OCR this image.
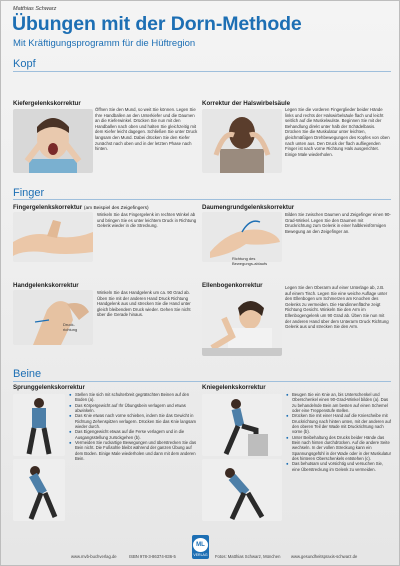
Matthias Schwarz
Übungen mit der Dorn-Methode
Mit Kräftigungsprogramm für die Hüftregion
Kopf
Kiefergelenkskorrektur
Öffnen Sie den Mund, so weit Sie können. Legen Sie Ihre Handballen an den Unterkiefer und die Daumen an die Kieferwinkel. Drücken Sie nun mit den Handballen nach oben und halten Sie gleichzeitig mit dem Kiefer leicht dagegen. Schließen Sie unter Druck langsam den Mund. Dabei drücken Sie den Kiefer zunächst nach oben und in der letzten Phase nach hinten.
Korrektur der Halswirbelsäule
Legen Sie die vorderen Fingerglieder beider Hände links und rechts der Halswirbelsäule flach und leicht seitlich auf die Muskelwulste. Beginnen Sie mit der Behandlung direkt unter halb der Schädelbasis. Drücken Sie die Muskulatur unter leichten, gleichmäßigen Drehbewegungen des Kopfes von oben nach unten aus. Den Druck der flach aufliegenden Finger ist nach vorne Richtung Hals ausgerichtet. Einige Male wiederholen.
Finger
Fingergelenkskorrektur (am Beispiel des Zeigefingers)
Winkeln Sie das Fingergelenk im rechten Winkel ab und bringen Sie es unter leichtem Druck in Richtung Gelenk wieder in die Streckung.
Daumengrundgelenkskorrektur
Richtung des Bewegungs-ablaufs
Bilden Sie zwischen Daumen und Zeigefinger einen 90-Grad-Winkel. Legen Sie den Daumen mit Druckrichtung zum Gelenk in einer halbkreisförmigen Bewegung an den Zeigefinger an.
Handgelenkskorrektur
Druck-richtung
Winkeln Sie das Handgelenk um ca. 90 Grad ab. Üben Sie mit der anderen Hand Druck Richtung Handgelenk aus und strecken Sie die Hand unter gleich bleibendem Druck wieder. Gehen Sie nicht über die Gerade hinaus.
Ellenbogenkorrektur	Legen Sie den Oberarm auf einer Unterlage ab, z.B. auf einem Tisch. Legen Sie eine weiche Auflage unter den Ellenbogen um Schmerzen am Knochen des Gelenks zu vermeiden. Die Handinnenfläche zeigt Richtung Gesicht. Winkeln Sie den Arm im Ellenbogengelenk um 90 Grad ab. Üben Sie nun mit der anderen Hand über dem Unterarm Druck Richtung Gelenk aus und strecken Sie den Arm.
Beine
Sprunggelenkskorrektur
● Stellen Sie sich mit schulterbreit gegrätschten Beinen auf den Boden (a).
● Das Körpergewicht auf Ihr Übungsbein verlagern und etwas abwinkeln.
● Das Knie etwas nach vorne schieben, indem Sie das Gewicht in Richtung Zehenspitzen verlagern. Drücken Sie das Knie langsam wieder durch.
● Das Eigengewicht etwas auf die Ferse verlagern und in die Ausgangsstellung zurückgehen (b).
● Vermeiden Sie ruckartige Bewegungen und überstrecken Sie das Bein nicht. Die Fußsohle bleibt während der ganzen Übung auf dem Boden. Einige Male wiederholen und dann mit dem anderen Bein.
Kniegelenkskorrektur
● Beugen Sie ein Knie an, bis Unterschenkel und Oberschenkel einen 90-Grad-Winkel bilden (a). Das zu behandelnde Bein am besten auf einen Schemel oder eine Treppenstufe stellen.
● Drücken Sie mit einer Hand auf die Kniescheibe mit Druckrichtung nach hinten unten, mit der anderen auf den oberen Teil der Wade mit Druckrichtung nach vorne (b).
● Unter Beibehaltung des Drucks beider Hände das Bein nach hinten durchdrücken. Auf die andere Seite wechseln. In der vollen Streckung kann ein Spannungsgefühl in der Wade oder in der Muskulatur des hinteren Oberschenkels entstehen (c).
● Das behutsam und vorsichtig und versuchen Sie, eine Überstreckung im Gelenk zu vermeiden.
www.mvb-buchverlag.de	ISBN 978-3-86374-836-5	Fotos: Matthias Schwarz, München	www.gesundheitspraxis-schwarz.de
ML
VERLAG
